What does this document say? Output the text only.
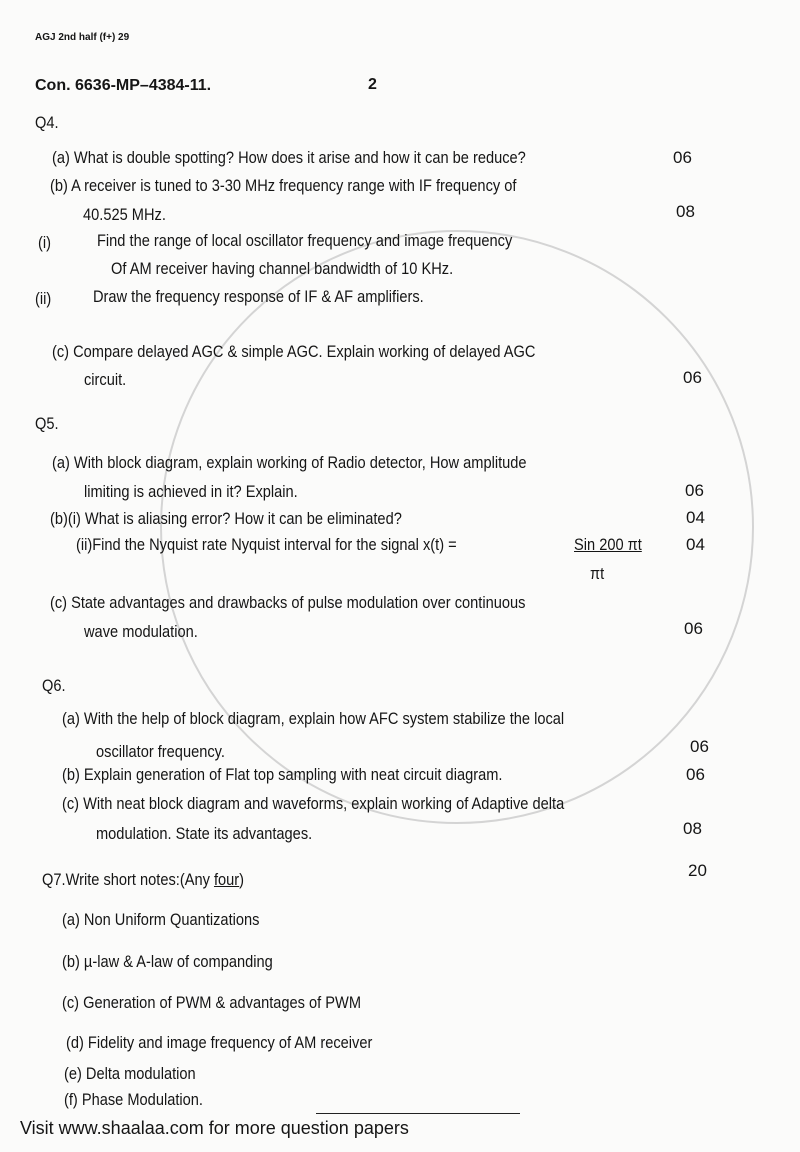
AGJ 2nd half (f+) 29
Con. 6636-MP–4384-11.	2
Q4.
(a) What is double spotting? How does it arise and how it can be reduce?	06
(b) A receiver is tuned to 3-30 MHz frequency range with IF frequency of
40.525 MHz.	08
(i)	Find the range of local oscillator frequency and image frequency
Of AM receiver having channel bandwidth of 10 KHz.
(ii) Draw the frequency response of IF & AF amplifiers.
(c) Compare delayed AGC & simple AGC. Explain working of delayed AGC
circuit.	06
Q5.
(a) With block diagram, explain working of Radio detector, How amplitude
limiting is achieved in it? Explain.	06
(b)(i) What is aliasing error? How it can be eliminated?	04
(ii)Find the Nyquist rate Nyquist interval for the signal x(t) =	Sin 200 πt
πt
04
(c) State advantages and drawbacks of pulse modulation over continuous
wave modulation.	06
Q6.
(a) With the help of block diagram, explain how AFC system stabilize the local
oscillator frequency.	06
(b) Explain generation of Flat top sampling with neat circuit diagram.	06
(c) With neat block diagram and waveforms, explain working of Adaptive delta
modulation. State its advantages.	08
Q7.Write short notes:(Any four)	20
(a) Non Uniform Quantizations
(b) µ-law & A-law of companding
(c) Generation of PWM & advantages of PWM
(d) Fidelity and image frequency of AM receiver
(e) Delta modulation
(f) Phase Modulation.
Visit www.shaalaa.com for more question papers
